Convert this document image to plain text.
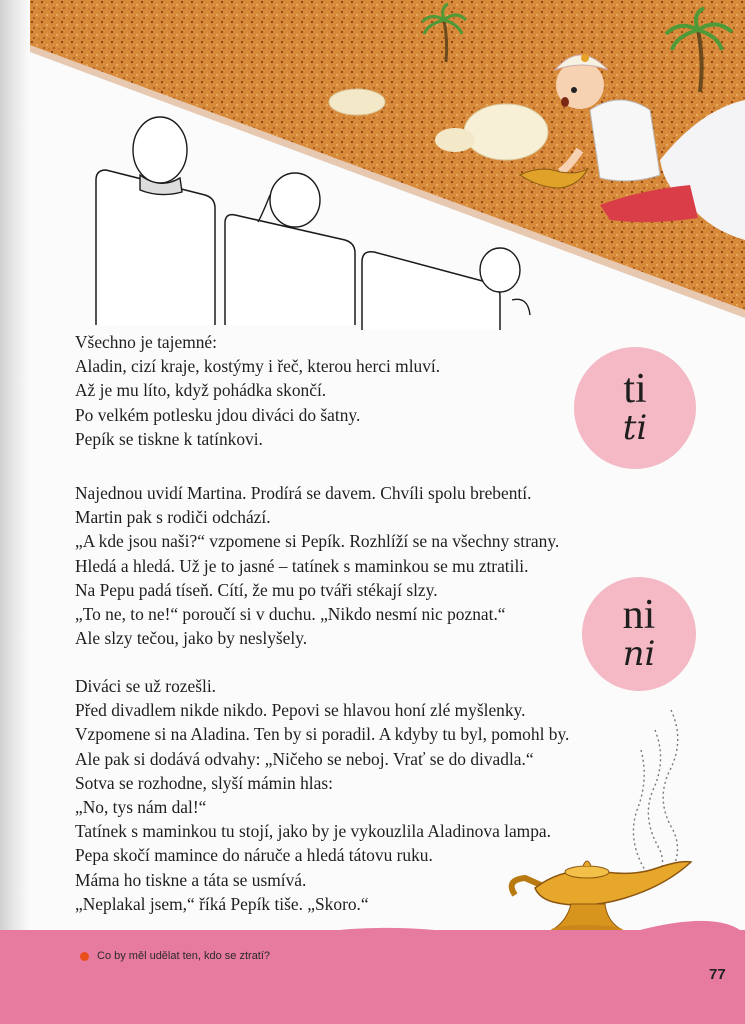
Všechno je tajemné:

Aladin, cizí kraje, kostýmy i řeč, kterou herci mluví.

Až je mu líto, když pohádka skončí.

Po velkém potlesku jdou diváci do šatny.

Pepík se tiskne k tatínkovi.

Najednou uvidí Martina. Prodírá se davem. Chvíli spolu brebentí.

Martin pak s rodiči odchází.

„A kde jsou naši?“ vzpomene si Pepík. Rozhlíží se na všechny strany.

Hledá a hledá. Už je to jasné – tatínek s maminkou se mu ztratili.

Na Pepu padá tíseň. Cítí, že mu po tváři stékají slzy.

„To ne, to ne!“ poroučí si v duchu. „Nikdo nesmí nic poznat.“

Ale slzy tečou, jako by neslyšely.

Diváci se už rozešli.

Před divadlem nikde nikdo. Pepovi se hlavou honí zlé myšlenky.

Vzpomene si na Aladina. Ten by si poradil. A kdyby tu byl, pomohl by.

Ale pak si dodává odvahy: „Ničeho se neboj. Vrať se do divadla.“

Sotva se rozhodne, slyší mámin hlas:

„No, tys nám dal!“

Tatínek s maminkou tu stojí, jako by je vykouzlila Aladinova lampa.

Pepa skočí mamince do náruče a hledá tátovu ruku.

Máma ho tiskne a táta se usmívá.

„Neplakal jsem,“ říká Pepík tiše. „Skoro.“

ti
ti
ni
ni
Co by měl udělat ten, kdo se ztratí?
77
